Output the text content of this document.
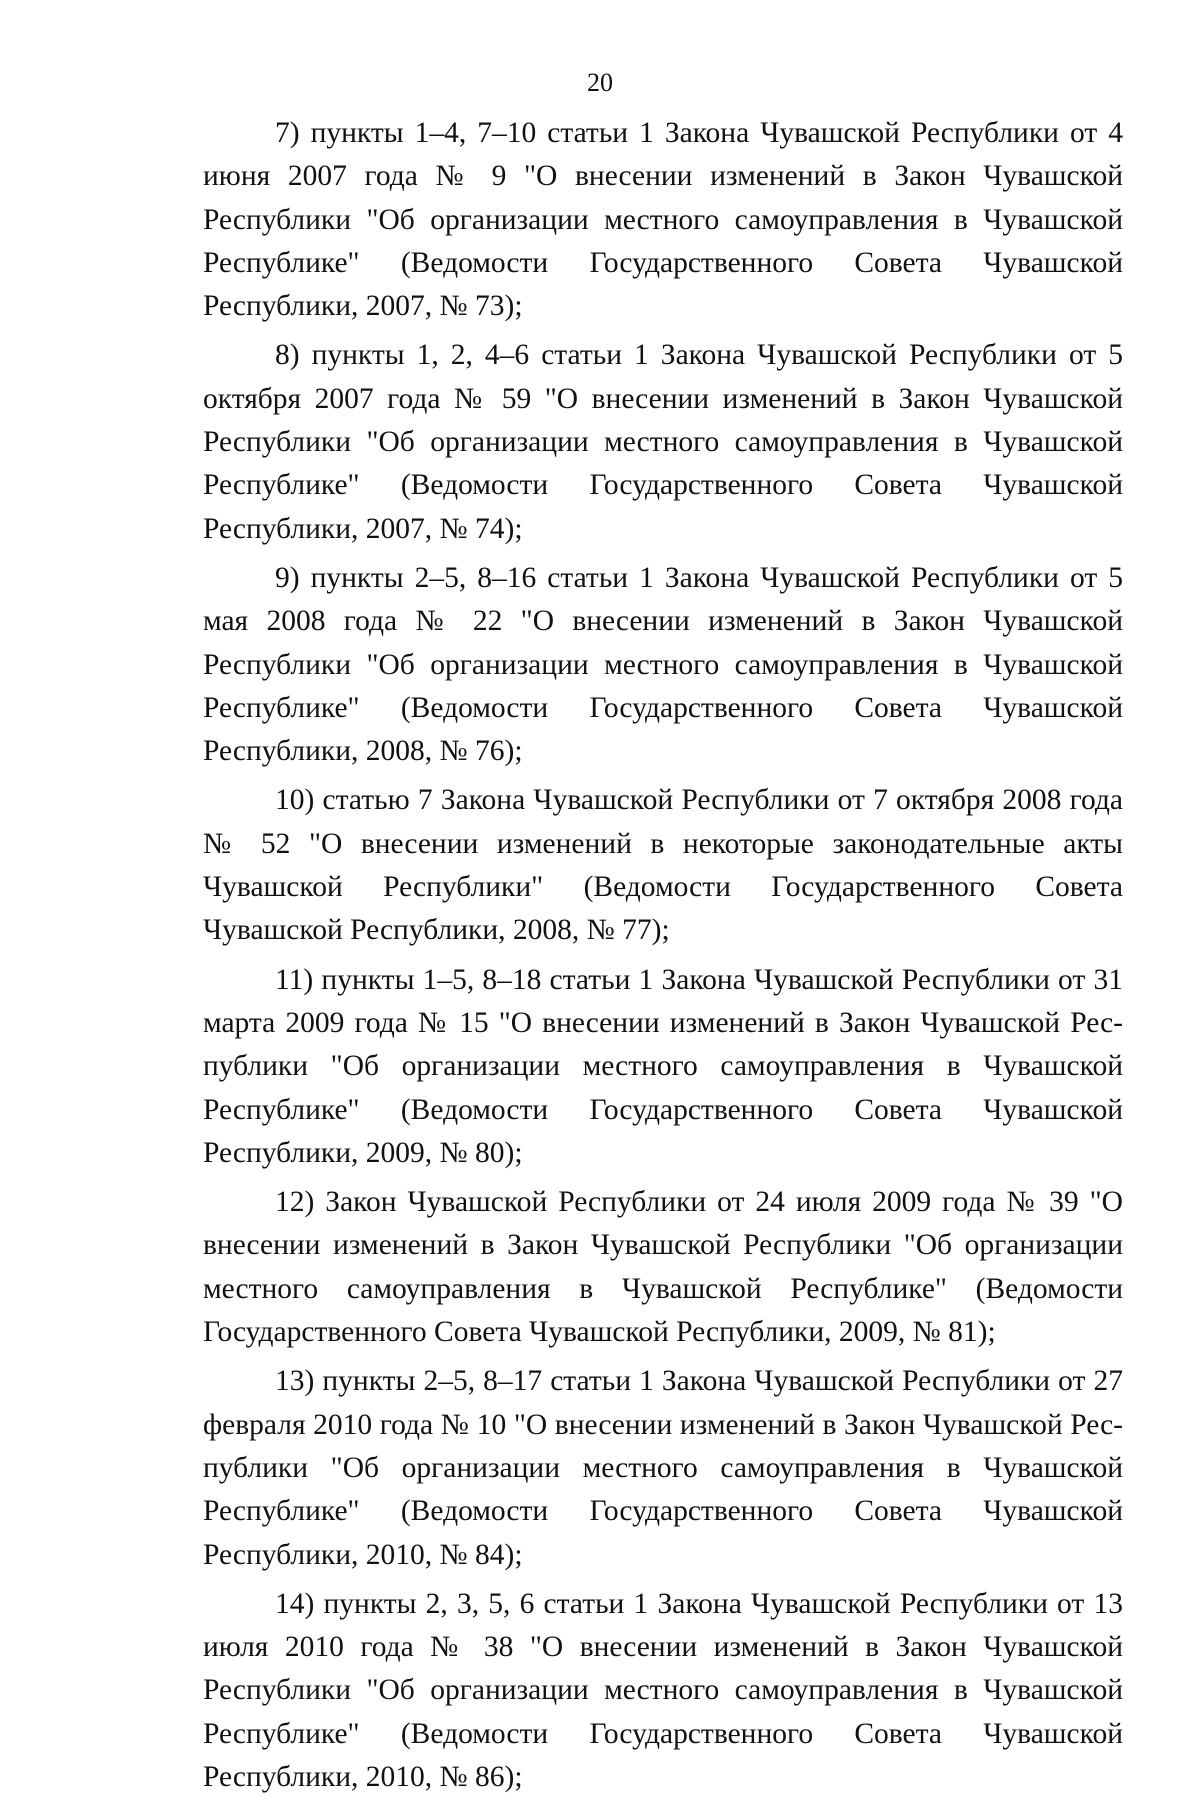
20

7) пункты 1–4, 7–10 статьи 1 Закона Чувашской Республики от 4 июня 2007 года № 9 "О внесении изменений в Закон Чувашской Республики "Об организации местного самоуправления в Чувашской Республике" (Ведомости Государственного Совета Чувашской Республики, 2007, № 73);

8) пункты 1, 2, 4–6 статьи 1 Закона Чувашской Республики от 5 октября 2007 года № 59 "О внесении изменений в Закон Чувашской Республики "Об организации местного самоуправления в Чувашской Республике" (Ведомости Государственного Совета Чувашской Республики, 2007, № 74);

9) пункты 2–5, 8–16 статьи 1 Закона Чувашской Республики от 5 мая 2008 года № 22 "О внесении изменений в Закон Чувашской Республики "Об организации местного самоуправления в Чувашской Республике" (Ведомости Государственного Совета Чувашской Республики, 2008, № 76);

10) статью 7 Закона Чувашской Республики от 7 октября 2008 года № 52 "О внесении изменений в некоторые законодательные акты Чувашской Республики" (Ведомости Государственного Совета Чувашской Республики, 2008, № 77);

11) пункты 1–5, 8–18 статьи 1 Закона Чувашской Республики от 31 марта 2009 года № 15 "О внесении изменений в Закон Чувашской Республики "Об организации местного самоуправления в Чувашской Республике" (Ведомости Государственного Совета Чувашской Республики, 2009, № 80);

12) Закон Чувашской Республики от 24 июля 2009 года № 39 "О внесении изменений в Закон Чувашской Республики "Об организации местного самоуправления в Чувашской Республике" (Ведомости Государственного Совета Чувашской Республики, 2009, № 81);

13) пункты 2–5, 8–17 статьи 1 Закона Чувашской Республики от 27 февраля 2010 года № 10 "О внесении изменений в Закон Чувашской Республики "Об организации местного самоуправления в Чувашской Республике" (Ведомости Государственного Совета Чувашской Республики, 2010, № 84);

14) пункты 2, 3, 5, 6 статьи 1 Закона Чувашской Республики от 13 июля 2010 года № 38 "О внесении изменений в Закон Чувашской Республики "Об организации местного самоуправления в Чувашской Республике" (Ведомости Государственного Совета Чувашской Республики, 2010, № 86);
